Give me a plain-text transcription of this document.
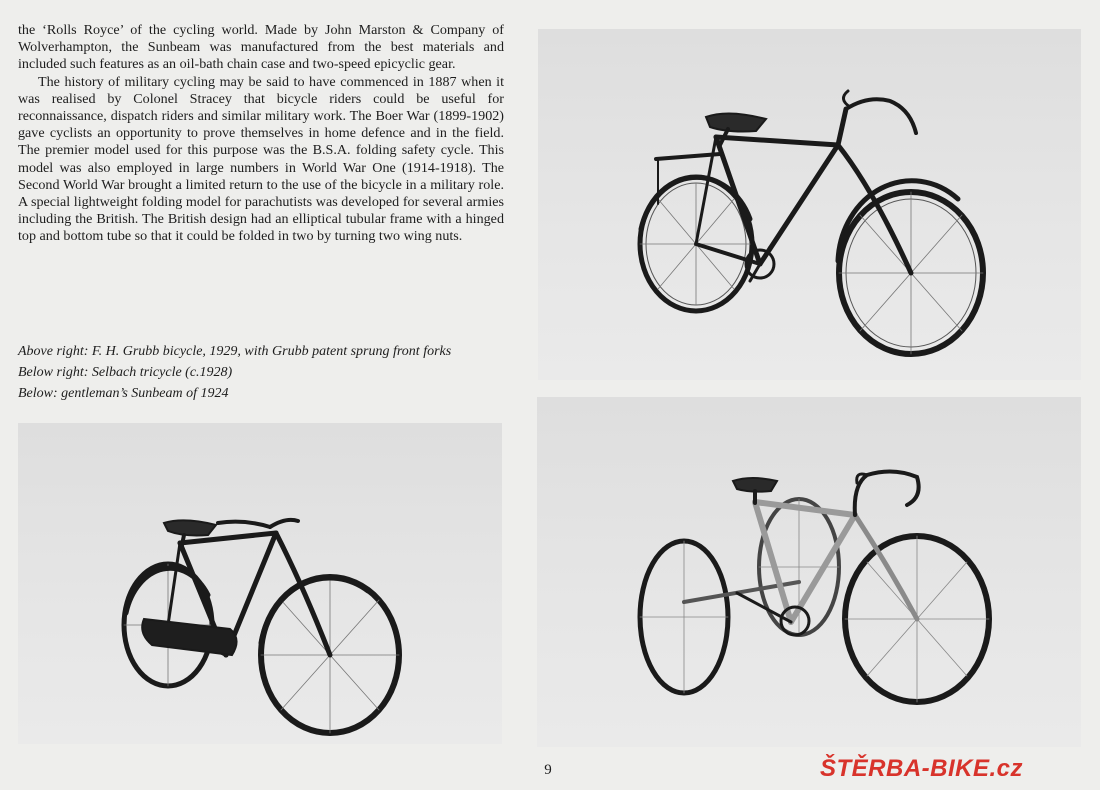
the ‘Rolls Royce’ of the cycling world. Made by John Marston & Company of Wolverhampton, the Sunbeam was manufactured from the best materials and included such features as an oil-bath chain case and two-speed epicyclic gear.

The history of military cycling may be said to have commenced in 1887 when it was realised by Colonel Stracey that bicycle riders could be useful for reconnaissance, dispatch riders and similar military work. The Boer War (1899-1902) gave cyclists an opportunity to prove themselves in home defence and in the field. The premier model used for this purpose was the B.S.A. folding safety cycle. This model was also employed in large numbers in World War One (1914-1918). The Second World War brought a limited return to the use of the bicycle in a military role. A special lightweight folding model for parachutists was developed for several armies including the British. The British design had an elliptical tubular frame with a hinged top and bottom tube so that it could be folded in two by turning two wing nuts.

Above right: F. H. Grubb bicycle, 1929, with Grubb patent sprung front forks
Below right: Selbach tricycle (c.1928)
Below: gentleman’s Sunbeam of 1924
9	ŠTĚRBA-BIKE.cz
